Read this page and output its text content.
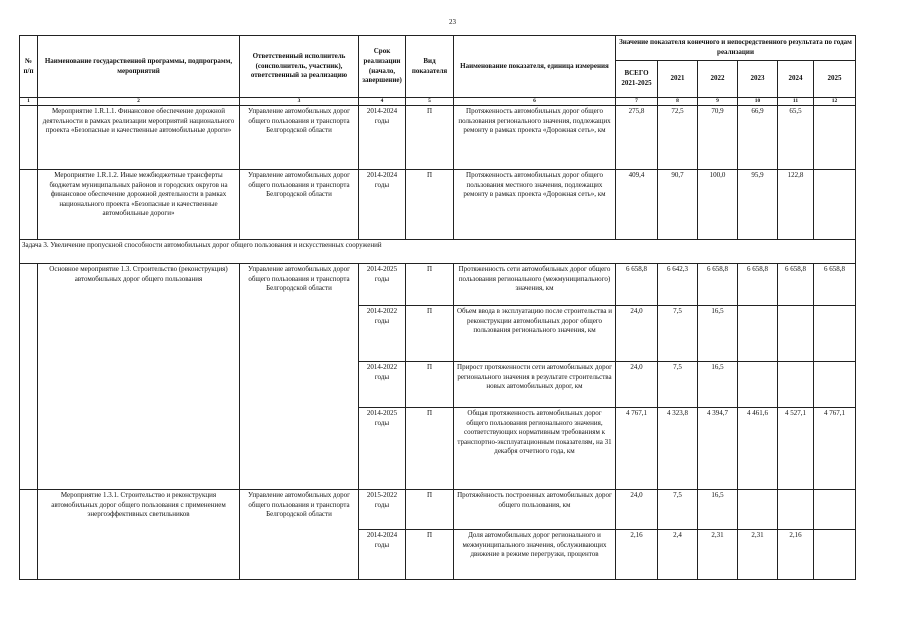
23
№ п/п	Наименование государственной программы, подпрограмм, мероприятий	Ответственный исполнитель (соисполнитель, участник), ответственный за реализацию	Срок реализации (начало, завершение)	Вид показателя	Наименование показателя, единица измерения	Значение показателя конечного и непосредственного результата по годам реализации					
						ВСЕГО 2021-2025	2021	2022	2023	2024	2025
1	2	3	4	5	6	7	8	9	10	11	12
	Мероприятие 1.R.1.1. Финансовое обеспечение дорожной деятельности в рамках реализации мероприятий национального проекта «Безопасные и качественные автомобильные дороги»	Управление автомобильных дорог общего пользования и транспорта Белгородской области	2014-2024 годы	П	Протяженность автомобильных дорог общего пользования регионального значения, подлежащих ремонту в рамках проекта «Дорожная сеть», км	275,8	72,5	70,9	66,9	65,5	
	Мероприятие 1.R.1.2. Иные межбюджетные трансферты бюджетам муниципальных районов и городских округов на финансовое обеспечение дорожной деятельности в рамках национального проекта «Безопасные и качественные автомобильные дороги»	Управление автомобильных дорог общего пользования и транспорта Белгородской области	2014-2024 годы	П	Протяженность автомобильных дорог общего пользования местного значения, подлежащих ремонту в рамках проекта «Дорожная сеть», км	409,4	90,7	100,0	95,9	122,8	
Задача 3. Увеличение пропускной способности автомобильных дорог общего пользования и искусственных сооружений											
	Основное мероприятие 1.3. Строительство (реконструкция) автомобильных дорог общего пользования	Управление автомобильных дорог общего пользования и транспорта Белгородской области	2014-2025 годы	П	Протяженность сети автомобильных дорог общего пользования регионального (межмуниципального) значения, км	6 658,8	6 642,3	6 658,8	6 658,8	6 658,8	6 658,8
			2014-2022 годы	П	Объем ввода в эксплуатацию после строительства и реконструкции автомобильных дорог общего пользования регионального значения, км	24,0	7,5	16,5			
			2014-2022 годы	П	Прирост протяженности сети автомобильных дорог регионального значения в результате строительства новых автомобильных дорог, км	24,0	7,5	16,5			
			2014-2025 годы	П	Общая протяженность автомобильных дорог общего пользования регионального значения, соответствующих нормативным требованиям к транспортно-эксплуатационным показателям, на 31 декабря отчетного года, км	4 767,1	4 323,8	4 394,7	4 461,6	4 527,1	4 767,1
	Мероприятие 1.3.1. Строительство и реконструкция автомобильных дорог общего пользования с применением энергоэффективных светильников	Управление автомобильных дорог общего пользования и транспорта Белгородской области	2015-2022 годы	П	Протяжённость построенных автомобильных дорог общего пользования, км	24,0	7,5	16,5			
			2014-2024 годы	П	Доля автомобильных дорог регионального и межмуниципального значения, обслуживающих движение в режиме перегрузки, процентов	2,16	2,4	2,31	2,31	2,16	
